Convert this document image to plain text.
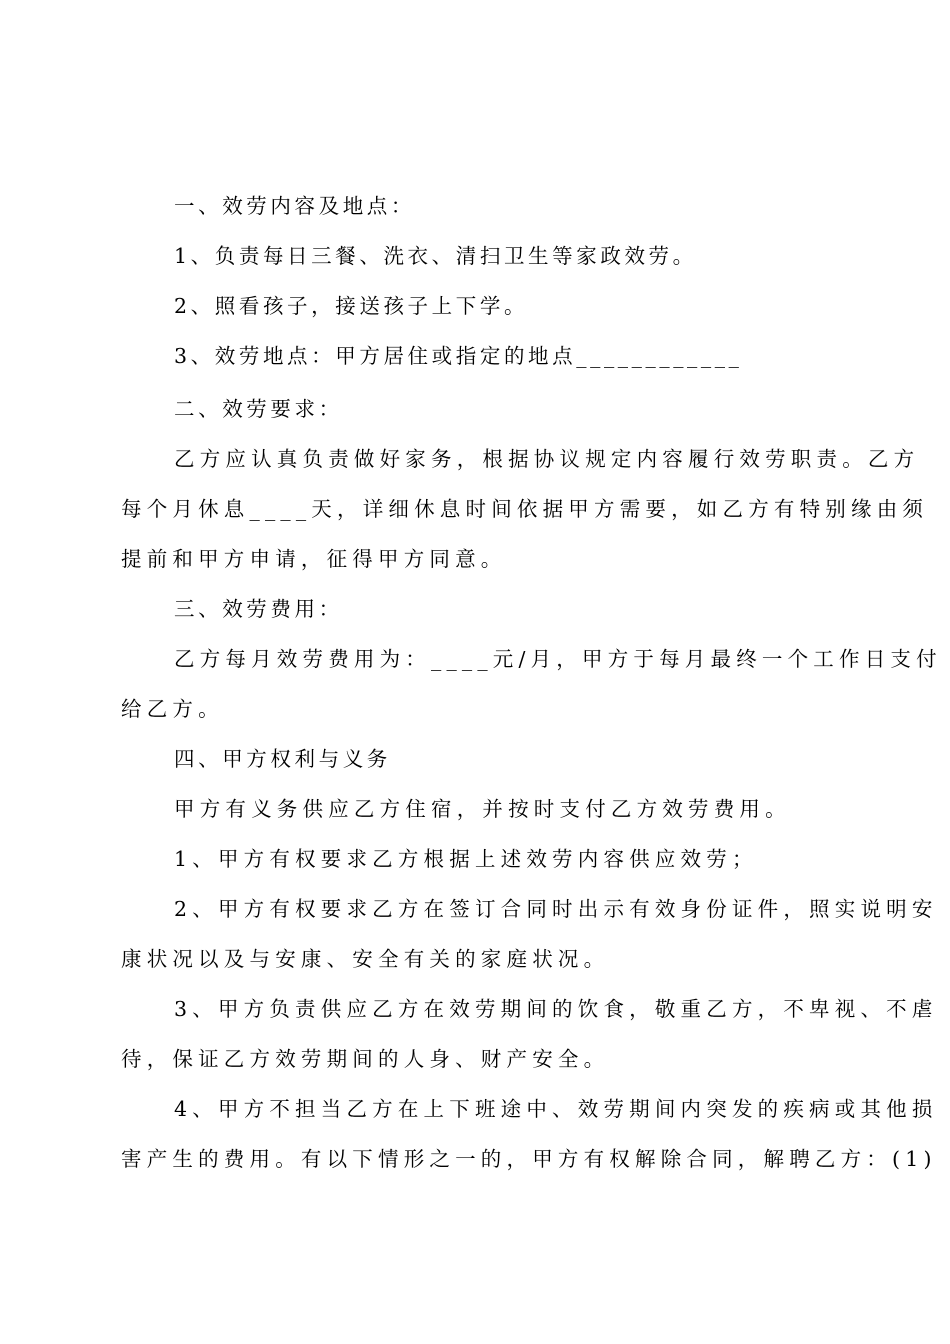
一、效劳内容及地点：
1、负责每日三餐、洗衣、清扫卫生等家政效劳。
2、照看孩子，接送孩子上下学。
3、效劳地点：甲方居住或指定的地点____________
二、效劳要求：
乙方应认真负责做好家务，根据协议规定内容履行效劳职责。乙方
每个月休息____天，详细休息时间依据甲方需要，如乙方有特别缘由须
提前和甲方申请，征得甲方同意。
三、效劳费用：
乙方每月效劳费用为：____元/月，甲方于每月最终一个工作日支付
给乙方。
四、甲方权利与义务
甲方有义务供应乙方住宿，并按时支付乙方效劳费用。
1、甲方有权要求乙方根据上述效劳内容供应效劳；
2、甲方有权要求乙方在签订合同时出示有效身份证件，照实说明安
康状况以及与安康、安全有关的家庭状况。
3、甲方负责供应乙方在效劳期间的饮食，敬重乙方，不卑视、不虐
待，保证乙方效劳期间的人身、财产安全。
4、甲方不担当乙方在上下班途中、效劳期间内突发的疾病或其他损
害产生的费用。有以下情形之一的，甲方有权解除合同，解聘乙方：(1)
